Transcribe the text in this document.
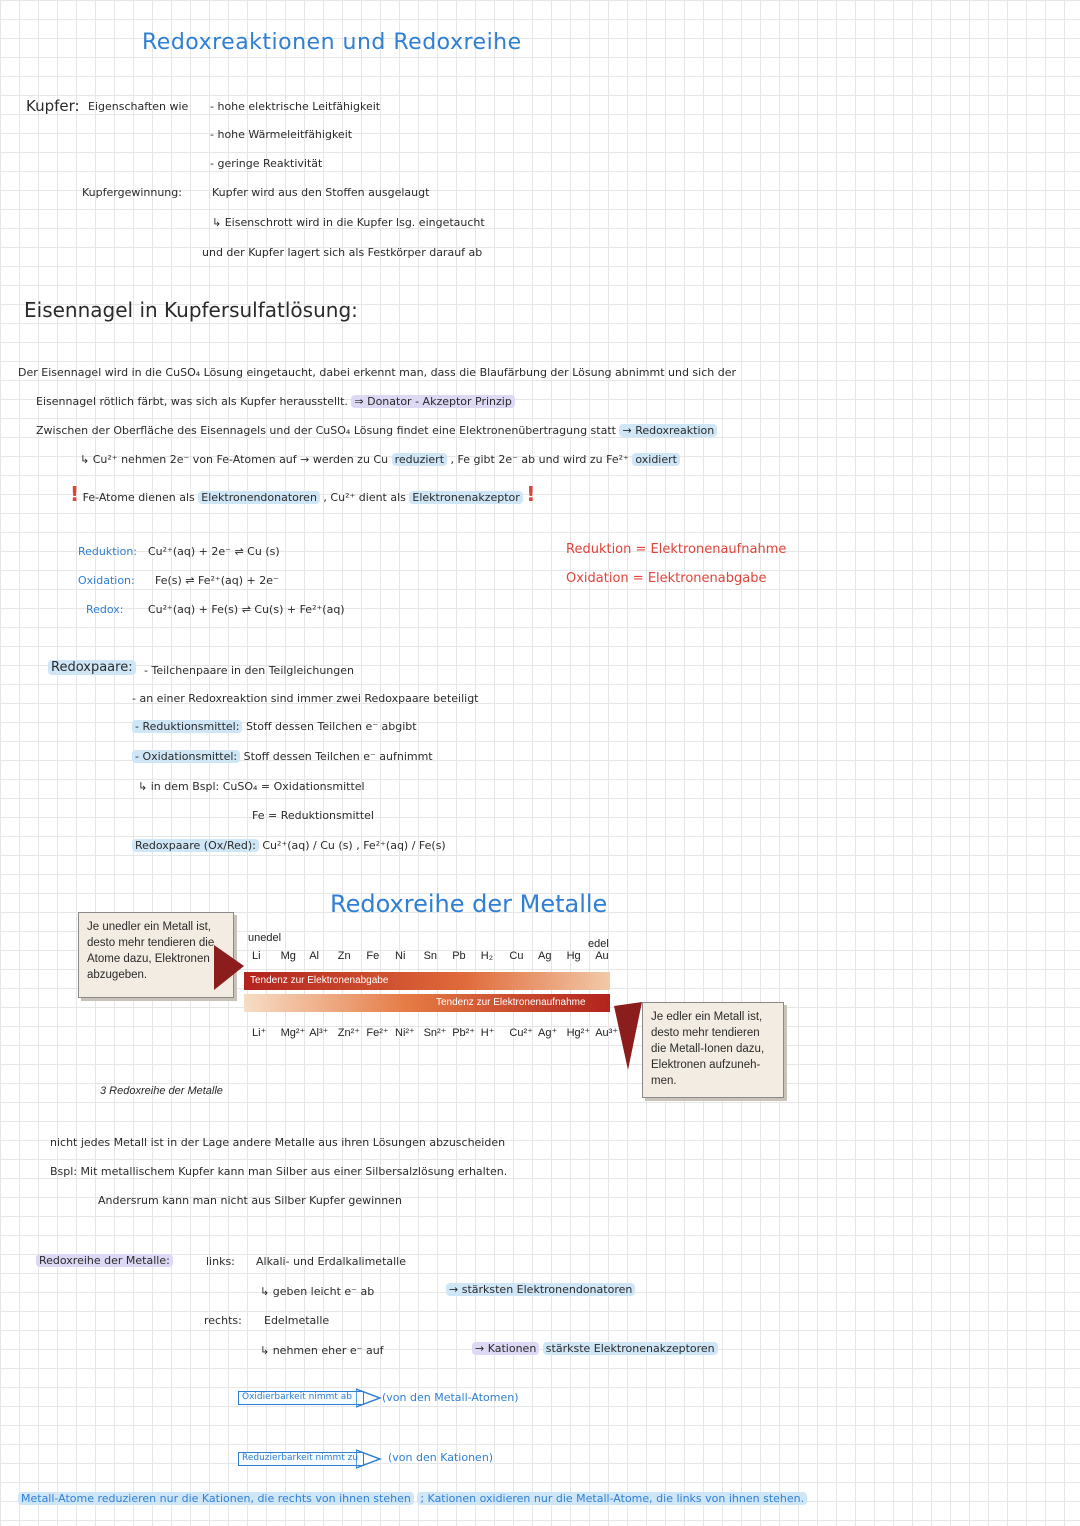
Redoxreaktionen und Redoxreihe
Kupfer: Eigenschaften wie - hohe elektrische Leitfähigkeit
- hohe Wärmeleitfähigkeit
- geringe Reaktivität
Kupfergewinnung:	Kupfer wird aus den Stoffen ausgelaugt
↳ Eisenschrott wird in die Kupfer lsg. eingetaucht
und der Kupfer lagert sich als Festkörper darauf ab
Eisennagel in Kupfersulfatlösung:
Der Eisennagel wird in die CuSO₄ Lösung eingetaucht, dabei erkennt man, dass die Blaufärbung der Lösung abnimmt und sich der
Eisennagel rötlich färbt, was sich als Kupfer herausstellt. ⇒ Donator - Akzeptor Prinzip
Zwischen der Oberfläche des Eisennagels und der CuSO₄ Lösung findet eine Elektronenübertragung statt → Redoxreaktion
↳ Cu²⁺ nehmen 2e⁻ von Fe-Atomen auf → werden zu Cu reduziert , Fe gibt 2e⁻ ab und wird zu Fe²⁺ oxidiert
! Fe-Atome dienen als Elektronendonatoren , Cu²⁺ dient als Elektronenakzeptor !
Reduktion: Cu²⁺(aq) + 2e⁻ ⇌ Cu (s)
Oxidation: Fe(s) ⇌ Fe²⁺(aq) + 2e⁻
Redox: Cu²⁺(aq) + Fe(s) ⇌ Cu(s) + Fe²⁺(aq)
Reduktion = Elektronenaufnahme
Oxidation = Elektronenabgabe
Redoxpaare: - Teilchenpaare in den Teilgleichungen
- an einer Redoxreaktion sind immer zwei Redoxpaare beteiligt
- Reduktionsmittel: Stoff dessen Teilchen e⁻ abgibt
- Oxidationsmittel: Stoff dessen Teilchen e⁻ aufnimmt
↳ in dem Bspl: CuSO₄ = Oxidationsmittel
Fe = Reduktionsmittel
Redoxpaare (Ox/Red): Cu²⁺(aq) / Cu (s) , Fe²⁺(aq) / Fe(s)
Redoxreihe der Metalle
Je unedler ein Metall ist, desto mehr tendieren die Atome dazu, Elektronen abzugeben.
Je edler ein Metall ist, desto mehr tendieren die Metall-Ionen dazu, Elektronen aufzuneh-men.
unedel	edel
Li Mg Al Zn Fe Ni Sn Pb H₂ Cu Ag Hg Au
Tendenz zur Elektronenabgabe
Tendenz zur Elektronenaufnahme
Li⁺ Mg²⁺ Al³⁺ Zn²⁺ Fe²⁺ Ni²⁺ Sn²⁺ Pb²⁺ H⁺ Cu²⁺ Ag⁺ Hg²⁺ Au³⁺
3 Redoxreihe der Metalle
nicht jedes Metall ist in der Lage andere Metalle aus ihren Lösungen abzuscheiden
Bspl: Mit metallischem Kupfer kann man Silber aus einer Silbersalzlösung erhalten.
Andersrum kann man nicht aus Silber Kupfer gewinnen
Redoxreihe der Metalle:	links: Alkali- und Erdalkalimetalle
↳ geben leicht e⁻ ab	→ stärksten Elektronendonatoren
rechts: Edelmetalle
↳ nehmen eher e⁻ auf	→ Kationen stärkste Elektronenakzeptoren
Oxidierbarkeit nimmt ab	(von den Metall-Atomen)
Reduzierbarkeit nimmt zu	(von den Kationen)
Metall-Atome reduzieren nur die Kationen, die rechts von ihnen stehen ; Kationen oxidieren nur die Metall-Atome, die links von ihnen stehen.
